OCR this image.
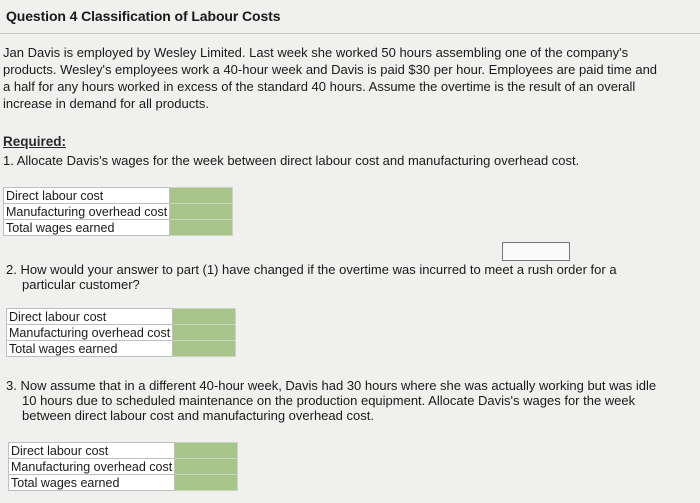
Question 4 Classification of Labour Costs
Jan Davis is employed by Wesley Limited. Last week she worked 50 hours assembling one of the company's
products. Wesley's employees work a 40-hour week and Davis is paid $30 per hour. Employees are paid time and
a half for any hours worked in excess of the standard 40 hours. Assume the overtime is the result of an overall
increase in demand for all products.
Required:
1. Allocate Davis's wages for the week between direct labour cost and manufacturing overhead cost.
Direct labour cost	
Manufacturing overhead cost	
Total wages earned	
2. How would your answer to part (1) have changed if the overtime was incurred to meet a rush order for a
particular customer?
Direct labour cost	
Manufacturing overhead cost	
Total wages earned	
3. Now assume that in a different 40-hour week, Davis had 30 hours where she was actually working but was idle
10 hours due to scheduled maintenance on the production equipment. Allocate Davis's wages for the week
between direct labour cost and manufacturing overhead cost.
Direct labour cost	
Manufacturing overhead cost	
Total wages earned	
